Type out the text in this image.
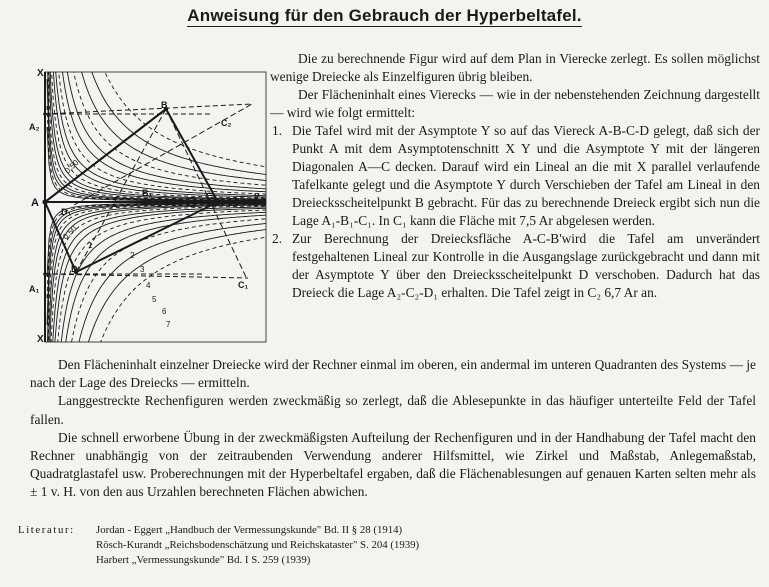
Anweisung für den Gebrauch der Hyperbeltafel.
X
X
y
A
A₂
A₁
B
B₁	C
C₁
C₂
D
D₁
0,50
0,50
1
2
3
4
5
6
7

Die zu berechnende Figur wird auf dem Plan in Vierecke zerlegt. Es sollen möglichst wenige Dreiecke als Einzelfiguren übrig bleiben.

Der Flächeninhalt eines Vierecks — wie in der nebenstehenden Zeichnung dargestellt — wird wie folgt ermittelt:

1. Die Tafel wird mit der Asymptote Y so auf das Viereck A-B-C-D gelegt, daß sich der Punkt A mit dem Asymptotenschnitt X Y und die Asymptote Y mit der längeren Diagonalen A—C decken. Darauf wird ein Lineal an die mit X parallel verlaufende Tafelkante gelegt und die Asymptote Y durch Verschieben der Tafel am Lineal in den Dreiecksscheitelpunkt B gebracht. Für das zu berechnende Dreieck ergibt sich nun die Lage A₁-B₁-C₁. In C₁ kann die Fläche mit 7,5 Ar abgelesen werden.
2. Zur Berechnung der Dreiecksfläche A-C-B'wird die Tafel am unverändert festgehaltenen Lineal zur Kontrolle in die Ausgangslage zurückgebracht und dann mit der Asymptote Y über den Dreiecksscheitelpunkt D verschoben. Dadurch hat das Dreieck die Lage A₂-C₂-D₁ erhalten. Die Tafel zeigt in C₂ 6,7 Ar an.

Den Flächeninhalt einzelner Dreiecke wird der Rechner einmal im oberen, ein andermal im unteren Quadranten des Systems — je nach der Lage des Dreiecks — ermitteln.

Langgestreckte Rechenfiguren werden zweckmäßig so zerlegt, daß die Ablesepunkte in das häufiger unterteilte Feld der Tafel fallen.

Die schnell erworbene Übung in der zweckmäßigsten Aufteilung der Rechenfiguren und in der Handhabung der Tafel macht den Rechner unabhängig von der zeitraubenden Verwendung anderer Hilfsmittel, wie Zirkel und Maßstab, Anlegemaßstab, Quadratglastafel usw. Proberechnungen mit der Hyperbeltafel ergaben, daß die Flächenablesungen auf genauen Karten selten mehr als ± 1 v. H. von den aus Urzahlen berechneten Flächen abwichen.

Literatur: Jordan - Eggert „Handbuch der Vermessungskunde" Bd. II § 28 (1914)
Rösch-Kurandt „Reichsbodenschätzung und Reichskataster" S. 204 (1939)
Harbert „Vermessungskunde" Bd. I S. 259 (1939)
